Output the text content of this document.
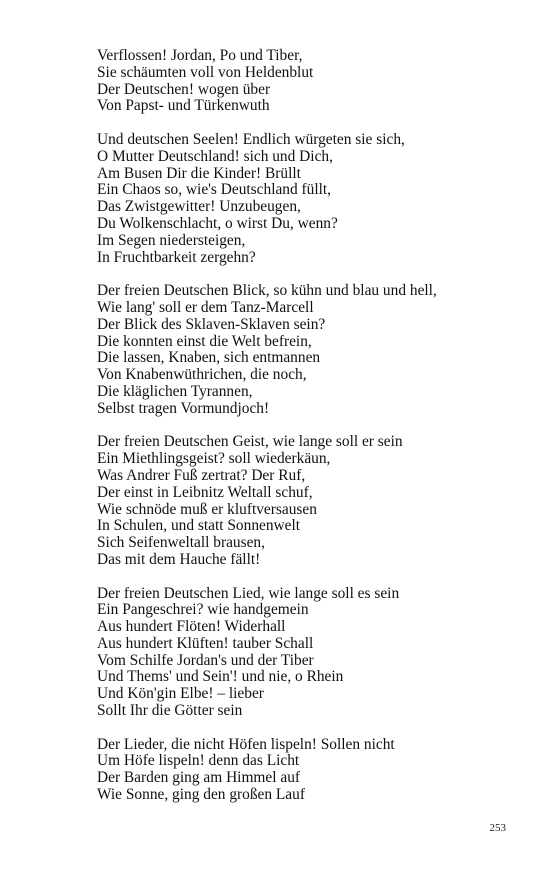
Verflossen! Jordan, Po und Tiber,
Sie schäumten voll von Heldenblut
Der Deutschen! wogen über
Von Papst- und Türkenwuth
Und deutschen Seelen! Endlich würgeten sie sich,
O Mutter Deutschland! sich und Dich,
Am Busen Dir die Kinder! Brüllt
Ein Chaos so, wie's Deutschland füllt,
Das Zwistgewitter! Unzubeugen,
Du Wolkenschlacht, o wirst Du, wenn?
Im Segen niedersteigen,
In Fruchtbarkeit zergehn?
Der freien Deutschen Blick, so kühn und blau und hell,
Wie lang' soll er dem Tanz-Marcell
Der Blick des Sklaven-Sklaven sein?
Die konnten einst die Welt befrein,
Die lassen, Knaben, sich entmannen
Von Knabenwüthrichen, die noch,
Die kläglichen Tyrannen,
Selbst tragen Vormundjoch!
Der freien Deutschen Geist, wie lange soll er sein
Ein Miethlingsgeist? soll wiederkäun,
Was Andrer Fuß zertrat? Der Ruf,
Der einst in Leibnitz Weltall schuf,
Wie schnöde muß er kluftversausen
In Schulen, und statt Sonnenwelt
Sich Seifenweltall brausen,
Das mit dem Hauche fällt!
Der freien Deutschen Lied, wie lange soll es sein
Ein Pangeschrei? wie handgemein
Aus hundert Flöten! Widerhall
Aus hundert Klüften! tauber Schall
Vom Schilfe Jordan's und der Tiber
Und Thems' und Sein'! und nie, o Rhein
Und Kön'gin Elbe! – lieber
Sollt Ihr die Götter sein
Der Lieder, die nicht Höfen lispeln! Sollen nicht
Um Höfe lispeln! denn das Licht
Der Barden ging am Himmel auf
Wie Sonne, ging den großen Lauf
253
